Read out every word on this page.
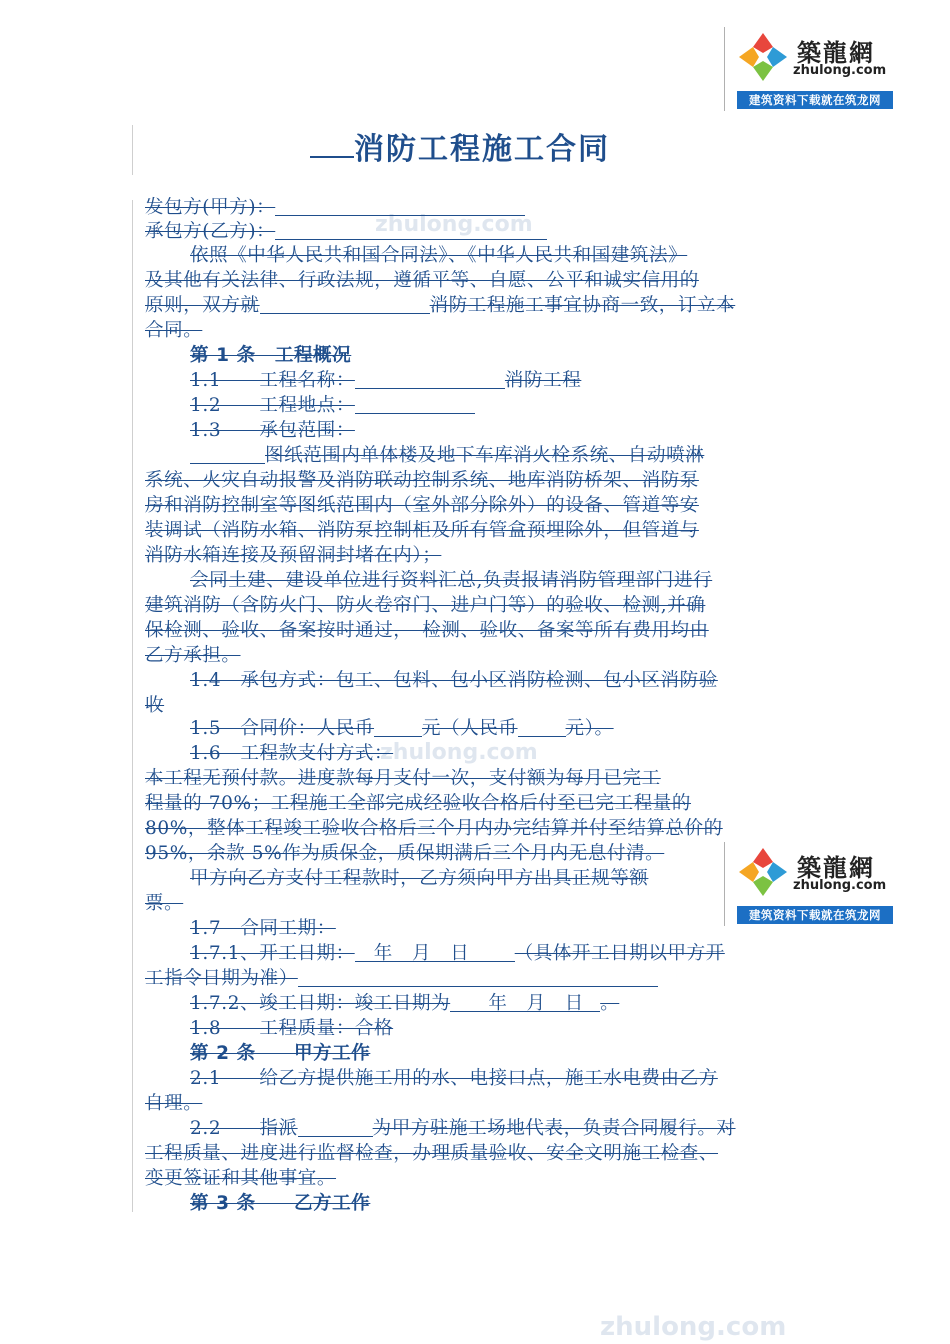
zhulong.com
zhulong.com
zhulong.com
築龍網
zhulong.com
建筑资料下载就在筑龙网
築龍網
zhulong.com
建筑资料下载就在筑龙网
消防工程施工合同
发包方(甲方)：
承包方(乙方)：
依照《中华人民共和国合同法》、《中华人民共和国建筑法》
及其他有关法律、行政法规，遵循平等、自愿、公平和诚实信用的
原则，双方就	消防工程施工事宜协商一致，订立本
合同。
第 1 条　工程概况
1.1　　工程名称：	消防工程
1.2　　工程地点：
1.3　　承包范围：
图纸范围内单体楼及地下车库消火栓系统、自动喷淋
系统、火灾自动报警及消防联动控制系统、地库消防桥架、消防泵
房和消防控制室等图纸范围内（室外部分除外）的设备、管道等安
装调试（消防水箱、消防泵控制柜及所有管盒预埋除外，但管道与
消防水箱连接及预留洞封堵在内）；
会同土建、建设单位进行资料汇总,负责报请消防管理部门进行
建筑消防（含防火门、防火卷帘门、进户门等）的验收、检测,并确
保检测、验收、备案按时通过，　检测、验收、备案等所有费用均由
乙方承担。
1.4　承包方式：包工、包料、包小区消防检测、包小区消防验
收
1.5　合同价：人民币	元（人民币	元）。
1.6　工程款支付方式：
本工程无预付款。进度款每月支付一次，支付额为每月已完工
程量的 70%；工程施工全部完成经验收合格后付至已完工程量的
80%，整体工程竣工验收合格后三个月内办完结算并付至结算总价的
95%，余款 5%作为质保金，质保期满后三个月内无息付清。
甲方向乙方支付工程款时，乙方须向甲方出具正规等额
票。
1.7　合同工期：
1.7.1、开工日期：　年　月　日 （具体开工日期以甲方开
工指令日期为准）
1.7.2、竣工日期：竣工日期为　　年　月　日 。
1.8　　工程质量：合格
第 2 条　　甲方工作
2.1　　给乙方提供施工用的水、电接口点，施工水电费由乙方
自理。
2.2　　指派	为甲方驻施工场地代表，负责合同履行。对
工程质量、进度进行监督检查，办理质量验收、安全文明施工检查、
变更签证和其他事宜。
第 3 条　　乙方工作
